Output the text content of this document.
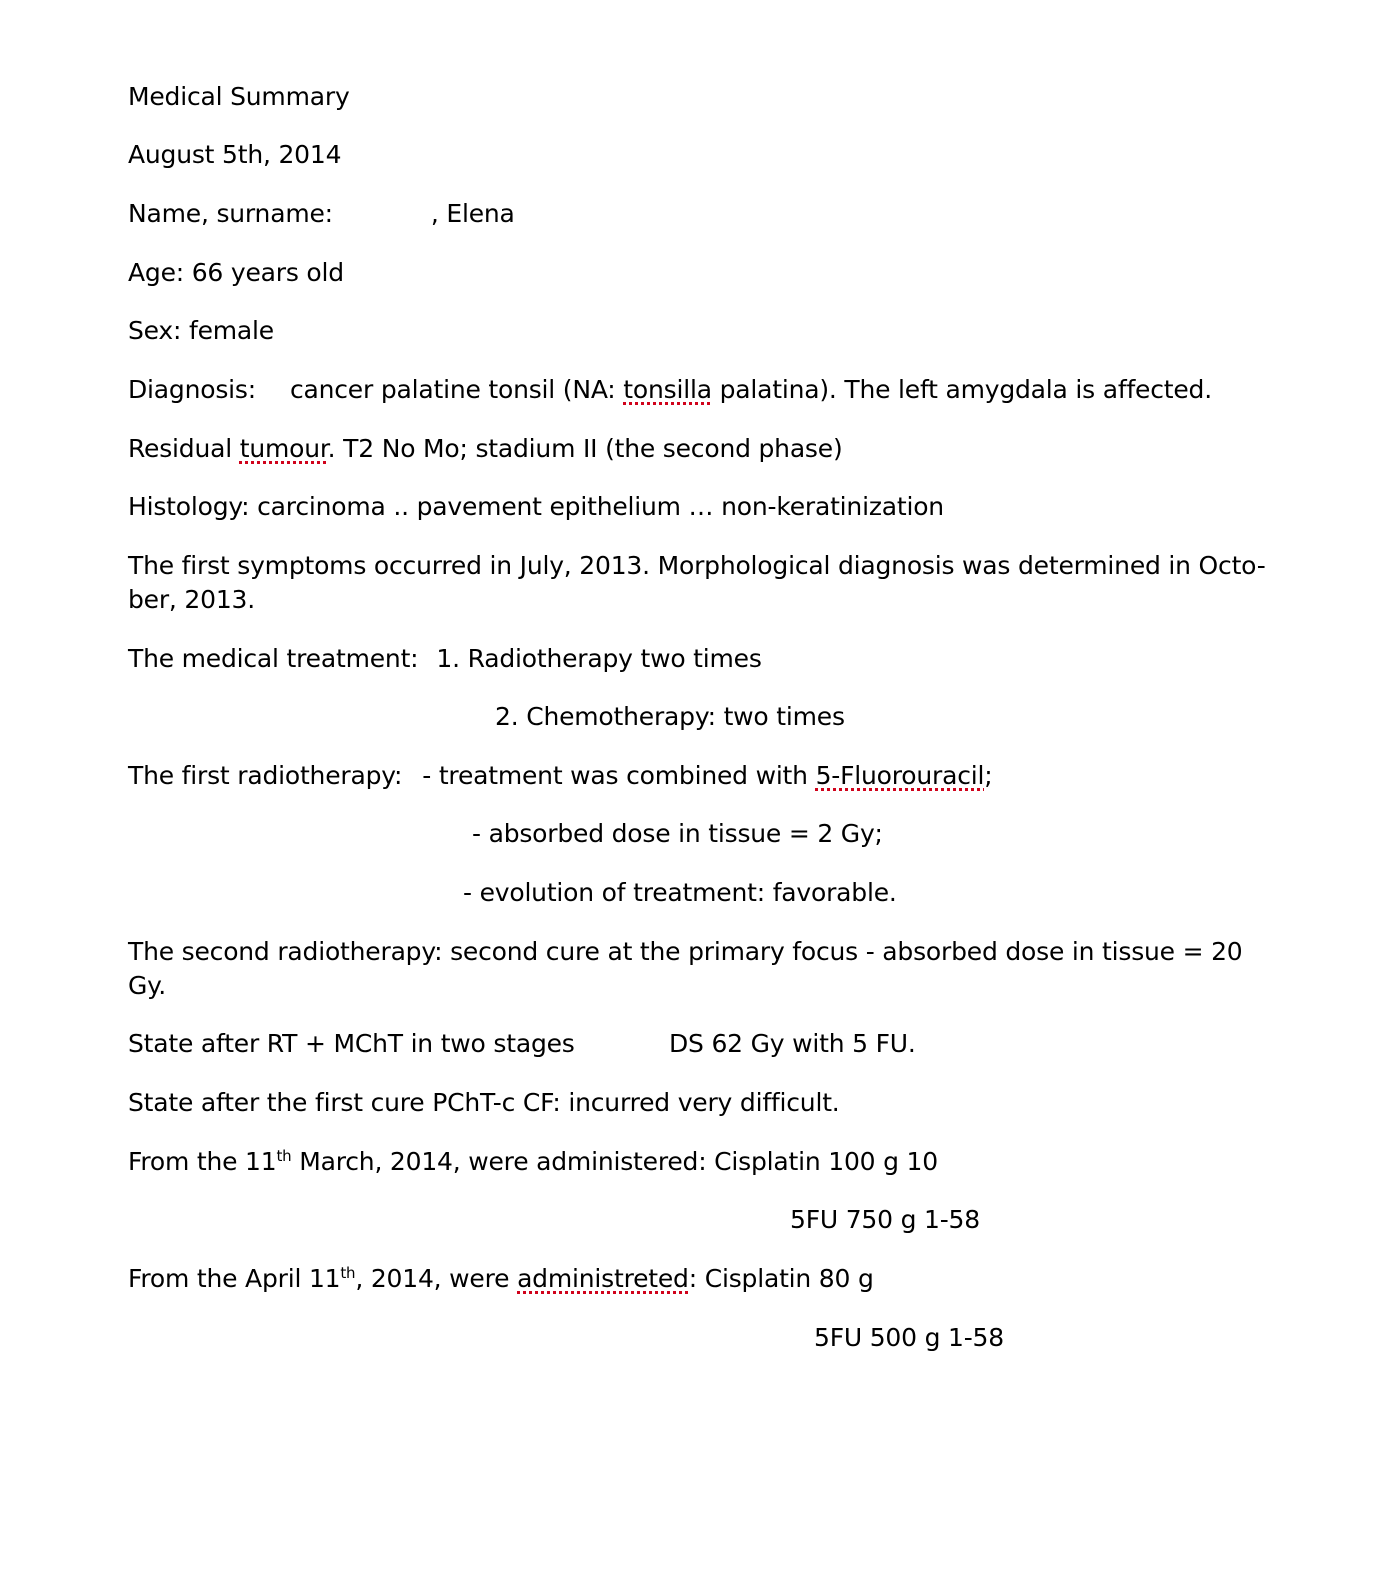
Medical Summary
August 5th, 2014
Name, surname:	, Elena
Age: 66 years old
Sex: female
Diagnosis: cancer palatine tonsil (NA: tonsilla palatina). The left amygdala is affected.
Residual tumour. T2 No Mo; stadium II (the second phase)
Histology: carcinoma .. pavement epithelium … non-keratinization
The first symptoms occurred in July, 2013. Morphological diagnosis was determined in Octo-ber, 2013.
The medical treatment: 1. Radiotherapy two times
2. Chemotherapy: two times
The first radiotherapy: - treatment was combined with 5-Fluorouracil;
- absorbed dose in tissue = 2 Gy;
- evolution of treatment: favorable.
The second radiotherapy: second cure at the primary focus - absorbed dose in tissue = 20 Gy.
State after RT + MChT in two stages	DS 62 Gy with 5 FU.
State after the first cure PChT-c CF: incurred very difficult.
From the 11th March, 2014, were administered: Cisplatin 100 g 10
5FU 750 g 1-58
From the April 11th, 2014, were administreted: Cisplatin 80 g
5FU 500 g 1-58
